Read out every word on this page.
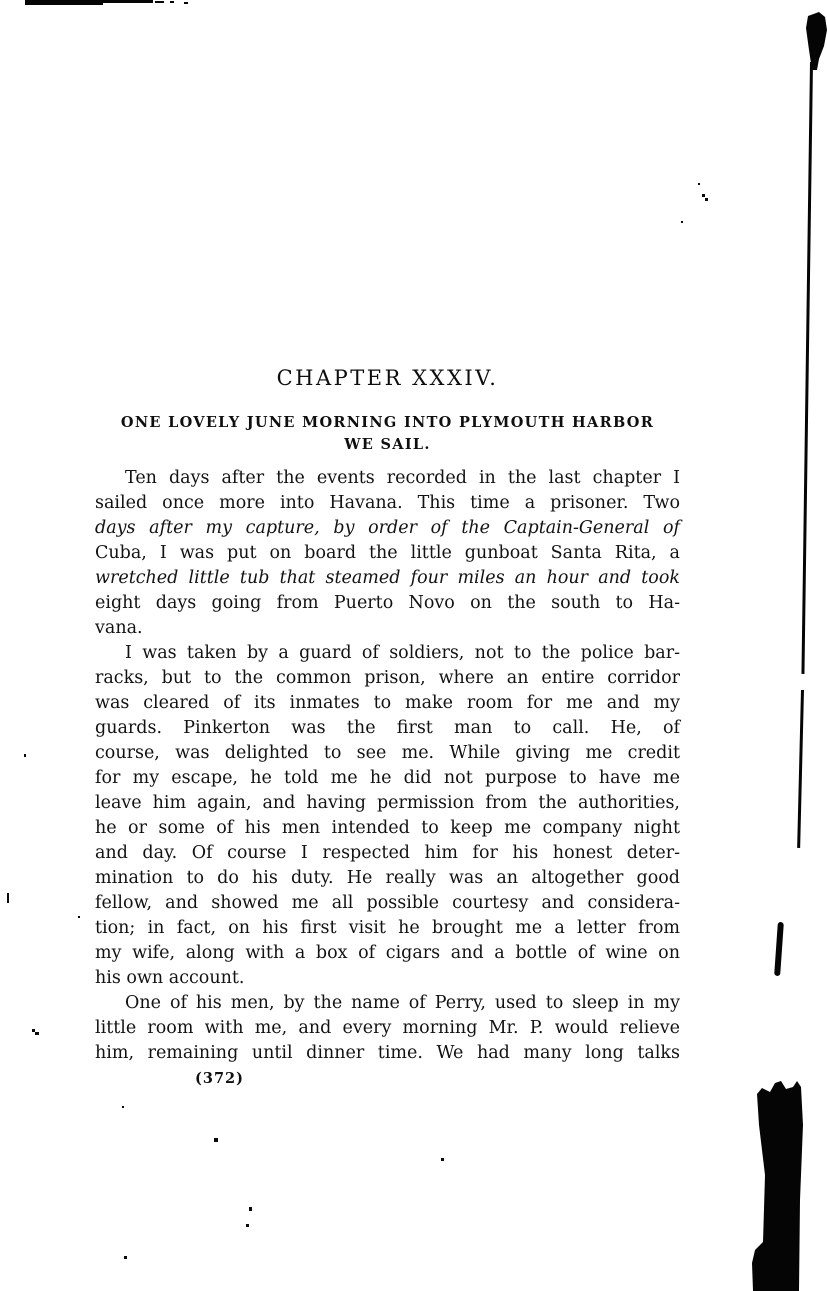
CHAPTER XXXIV.
ONE LOVELY JUNE MORNING INTO PLYMOUTH HARBOR
WE SAIL.
Ten days after the events recorded in the last chapter I
sailed once more into Havana. This time a prisoner. Two
days after my capture, by order of the Captain-General of
Cuba, I was put on board the little gunboat Santa Rita, a
wretched little tub that steamed four miles an hour and took
eight days going from Puerto Novo on the south to Ha-
vana.
I was taken by a guard of soldiers, not to the police bar-
racks, but to the common prison, where an entire corridor
was cleared of its inmates to make room for me and my
guards. Pinkerton was the first man to call. He, of
course, was delighted to see me. While giving me credit
for my escape, he told me he did not purpose to have me
leave him again, and having permission from the authorities,
he or some of his men intended to keep me company night
and day. Of course I respected him for his honest deter-
mination to do his duty. He really was an altogether good
fellow, and showed me all possible courtesy and considera-
tion; in fact, on his first visit he brought me a letter from
my wife, along with a box of cigars and a bottle of wine on
his own account.
One of his men, by the name of Perry, used to sleep in my
little room with me, and every morning Mr. P. would relieve
him, remaining until dinner time. We had many long talks
(372)
